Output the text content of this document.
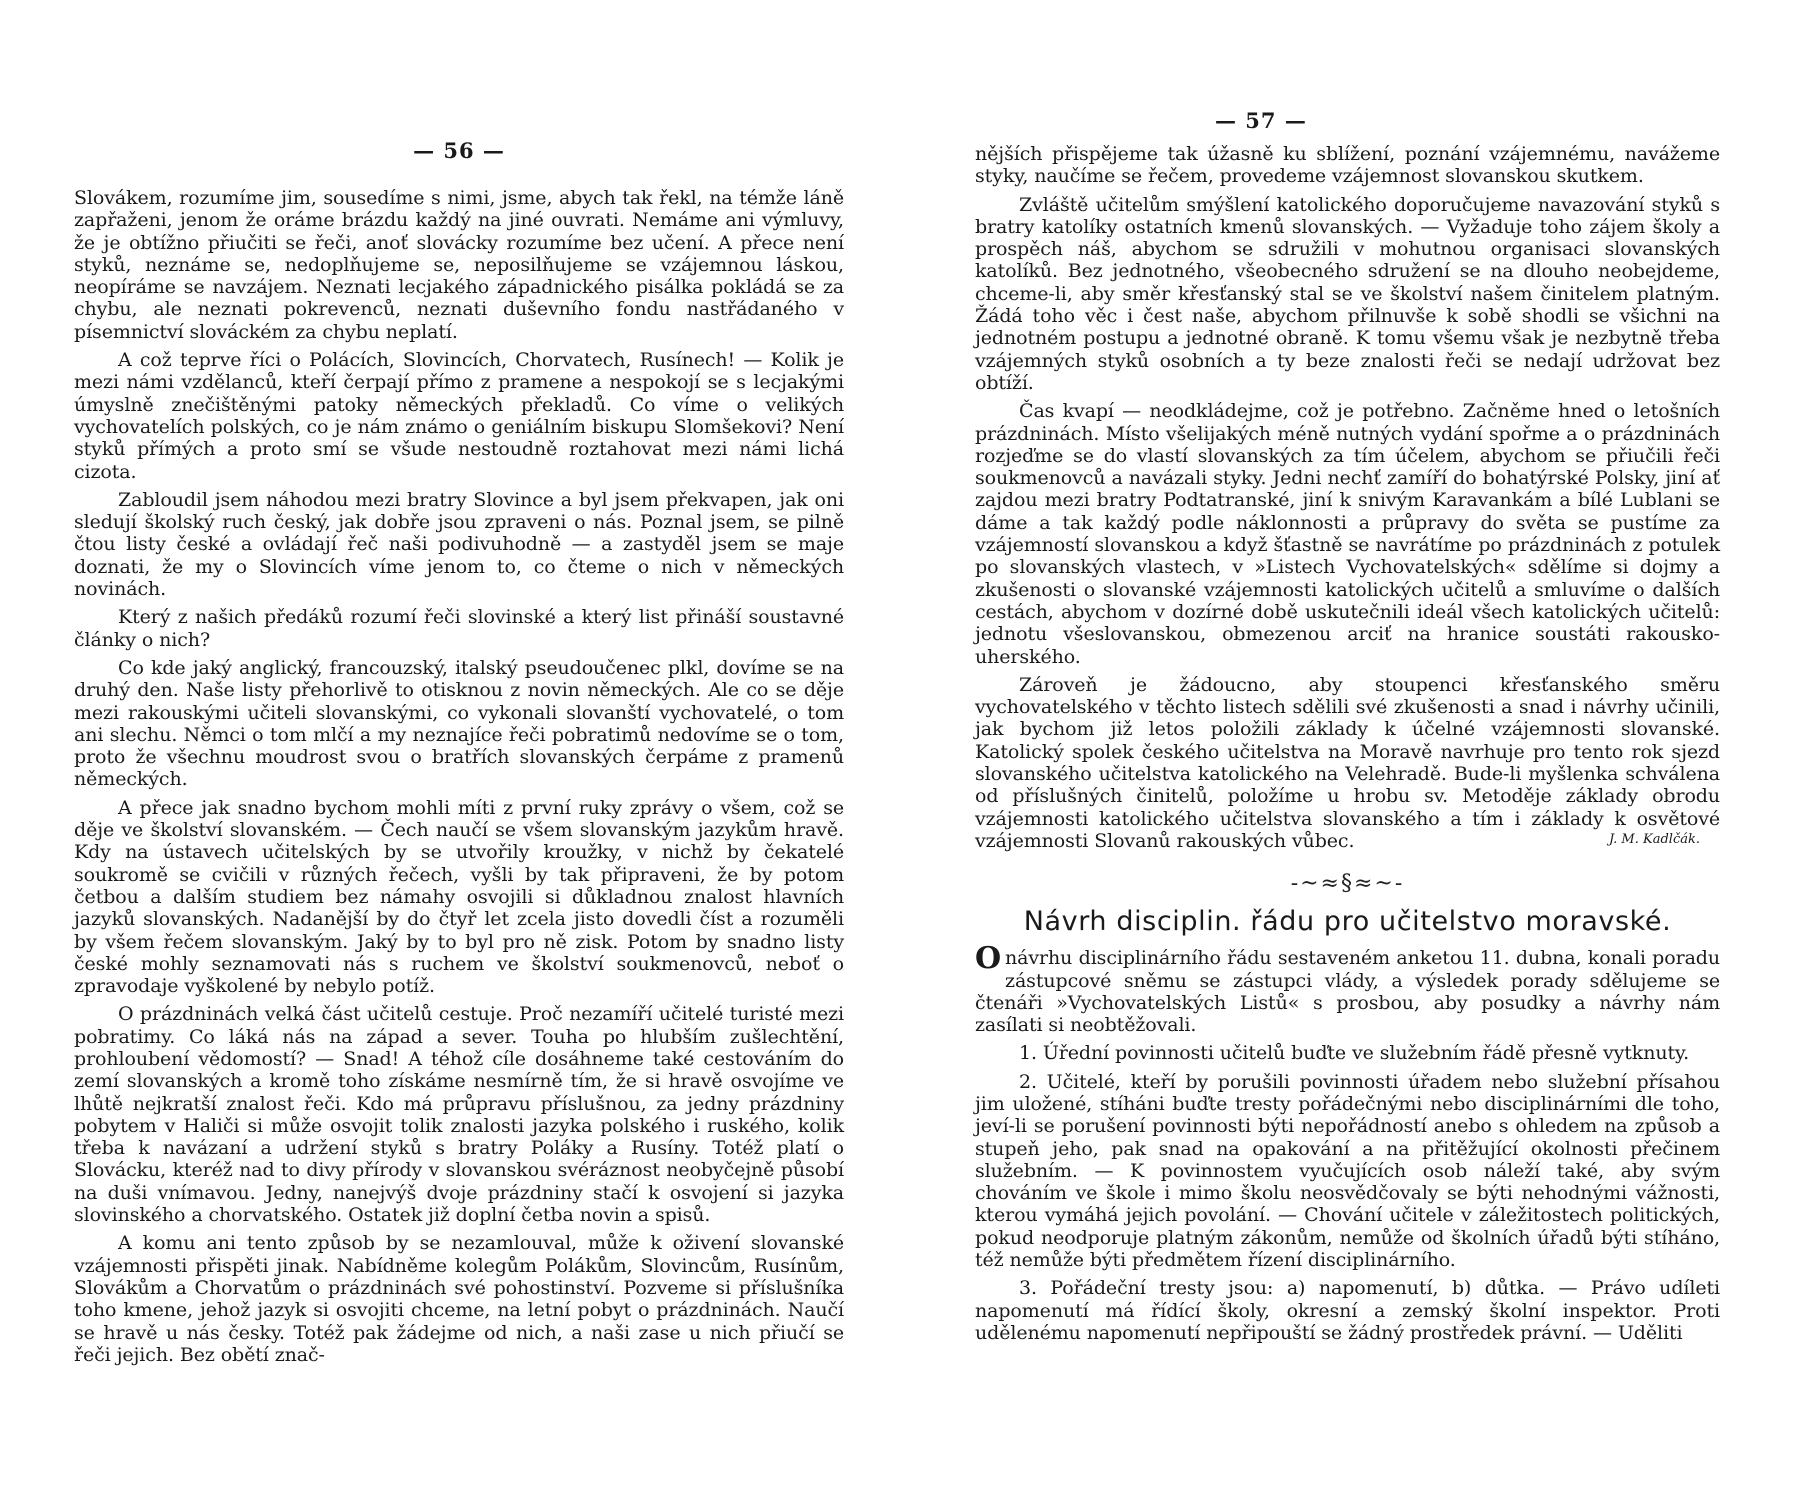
— 56 —

Slovákem, rozumíme jim, sousedíme s nimi, jsme, abych tak řekl, na témže láně zapřaženi, jenom že oráme brázdu každý na jiné ouvrati. Nemáme ani výmluvy, že je obtížno přiučiti se řeči, anoť slovácky rozumíme bez učení. A přece není styků, neznáme se, nedoplňujeme se, neposilňujeme se vzájemnou láskou, neopíráme se navzájem. Neznati lecjakého západnického pisálka pokládá se za chybu, ale neznati pokrevenců, neznati duševního fondu nastřádaného v písemnictví slováckém za chybu neplatí.

A což teprve říci o Polácích, Slovincích, Chorvatech, Rusínech! — Kolik je mezi námi vzdělanců, kteří čerpají přímo z pramene a nespokojí se s lecjakými úmyslně znečištěnými patoky německých překladů. Co víme o velikých vychovatelích polských, co je nám známo o geniálním biskupu Slomšekovi? Není styků přímých a proto smí se všude nestoudně roztahovat mezi námi lichá cizota.

Zabloudil jsem náhodou mezi bratry Slovince a byl jsem překvapen, jak oni sledují školský ruch český, jak dobře jsou zpraveni o nás. Poznal jsem, se pilně čtou listy české a ovládají řeč naši podivuhodně — a zastyděl jsem se maje doznati, že my o Slovincích víme jenom to, co čteme o nich v německých novinách.

Který z našich předáků rozumí řeči slovinské a který list přináší soustavné články o nich?

Co kde jaký anglický, francouzský, italský pseudoučenec plkl, dovíme se na druhý den. Naše listy přehorlivě to otisknou z novin německých. Ale co se děje mezi rakouskými učiteli slovanskými, co vykonali slovanští vychovatelé, o tom ani slechu. Němci o tom mlčí a my neznajíce řeči pobratimů nedovíme se o tom, proto že všechnu moudrost svou o bratřích slovanských čerpáme z pramenů německých.

A přece jak snadno bychom mohli míti z první ruky zprávy o všem, což se děje ve školství slovanském. — Čech naučí se všem slovanským jazykům hravě. Kdy na ústavech učitelských by se utvořily kroužky, v nichž by čekatelé soukromě se cvičili v různých řečech, vyšli by tak připraveni, že by potom četbou a dalším studiem bez námahy osvojili si důkladnou znalost hlavních jazyků slovanských. Nadanější by do čtyř let zcela jisto dovedli číst a rozuměli by všem řečem slovanským. Jaký by to byl pro ně zisk. Potom by snadno listy české mohly seznamovati nás s ruchem ve školství soukmenovců, neboť o zpravodaje vyškolené by nebylo potíž.

O prázdninách velká část učitelů cestuje. Proč nezamíří učitelé turisté mezi pobratimy. Co láká nás na západ a sever. Touha po hlubším zušlechtění, prohloubení vědomostí? — Snad! A téhož cíle dosáhneme také cestováním do zemí slovanských a kromě toho získáme nesmírně tím, že si hravě osvojíme ve lhůtě nejkratší znalost řeči. Kdo má průpravu příslušnou, za jedny prázdniny pobytem v Haliči si může osvojit tolik znalosti jazyka polského i ruského, kolik třeba k navázaní a udržení styků s bratry Poláky a Rusíny. Totéž platí o Slovácku, kteréž nad to divy přírody v slovanskou svéráznost neobyčejně působí na duši vnímavou. Jedny, nanejvýš dvoje prázdniny stačí k osvojení si jazyka slovinského a chorvatského. Ostatek již doplní četba novin a spisů.

A komu ani tento způsob by se nezamlouval, může k oživení slovanské vzájemnosti přispěti jinak. Nabídněme kolegům Polákům, Slovincům, Rusínům, Slovákům a Chorvatům o prázdninách své pohostinství. Pozveme si příslušníka toho kmene, jehož jazyk si osvojiti chceme, na letní pobyt o prázdninách. Naučí se hravě u nás česky. Totéž pak žádejme od nich, a naši zase u nich přiučí se řeči jejich. Bez obětí znač-

— 57 —

nějších přispějeme tak úžasně ku sblížení, poznání vzájemnému, navážeme styky, naučíme se řečem, provedeme vzájemnost slovanskou skutkem.

Zvláště učitelům smýšlení katolického doporučujeme navazování styků s bratry katolíky ostatních kmenů slovanských. — Vyžaduje toho zájem školy a prospěch náš, abychom se sdružili v mohutnou organisaci slovanských katolíků. Bez jednotného, všeobecného sdružení se na dlouho neobejdeme, chceme-li, aby směr křesťanský stal se ve školství našem činitelem platným. Žádá toho věc i čest naše, abychom přilnuvše k sobě shodli se všichni na jednotném postupu a jednotné obraně. K tomu všemu však je nezbytně třeba vzájemných styků osobních a ty beze znalosti řeči se nedají udržovat bez obtíží.

Čas kvapí — neodkládejme, což je potřebno. Začněme hned o letošních prázdninách. Místo všelijakých méně nutných vydání spořme a o prázdninách rozjeďme se do vlastí slovanských za tím účelem, abychom se přiučili řeči soukmenovců a navázali styky. Jedni nechť zamíří do bohatýrské Polsky, jiní ať zajdou mezi bratry Podtatranské, jiní k snivým Karavankám a bílé Lublani se dáme a tak každý podle náklonnosti a průpravy do světa se pustíme za vzájemností slovanskou a když šťastně se navrátíme po prázdninách z potulek po slovanských vlastech, v »Listech Vychovatelských« sdělíme si dojmy a zkušenosti o slovanské vzájemnosti katolických učitelů a smluvíme o dalších cestách, abychom v dozírné době uskutečnili ideál všech katolických učitelů: jednotu všeslovanskou, obmezenou arciť na hranice soustáti rakousko-uherského.

Zároveň je žádoucno, aby stoupenci křesťanského směru vychovatelského v těchto listech sdělili své zkušenosti a snad i návrhy učinili, jak bychom již letos položili základy k účelné vzájemnosti slovanské. Katolický spolek českého učitelstva na Moravě navrhuje pro tento rok sjezd slovanského učitelstva katolického na Velehradě. Bude-li myšlenka schválena od příslušných činitelů, položíme u hrobu sv. Metoděje základy obrodu vzájemnosti katolického učitelstva slovanského a tím i základy k osvětové vzájemnosti Slovanů rakouských vůbec.	J. M. Kadlčák.
-~≈§≈~-
Návrh disciplin. řádu pro učitelstvo moravské.

Onávrhu disciplinárního řádu sestaveném anketou 11. dubna, konali poradu zástupcové sněmu se zástupci vlády, a výsledek porady sdělujeme se čtenáři »Vychovatelských Listů« s prosbou, aby posudky a návrhy nám zasílati si neobtěžovali.

1. Úřední povinnosti učitelů buďte ve služebním řádě přesně vytknuty.

2. Učitelé, kteří by porušili povinnosti úřadem nebo služební přísahou jim uložené, stíháni buďte tresty pořádečnými nebo disciplinárními dle toho, jeví-li se porušení povinnosti býti nepořádností anebo s ohledem na způsob a stupeň jeho, pak snad na opakování a na přitěžující okolnosti přečinem služebním. — K povinnostem vyučujících osob náleží také, aby svým chováním ve škole i mimo školu neosvědčovaly se býti nehodnými vážnosti, kterou vymáhá jejich povolání. — Chování učitele v záležitostech politických, pokud neodporuje platným zákonům, nemůže od školních úřadů býti stíháno, též nemůže býti předmětem řízení disciplinárního.

3. Pořádeční tresty jsou: a) napomenutí, b) důtka. — Právo udíleti napomenutí má řídící školy, okresní a zemský školní inspektor. Proti udělenému napomenutí nepřipouští se žádný prostředek právní. — Uděliti
